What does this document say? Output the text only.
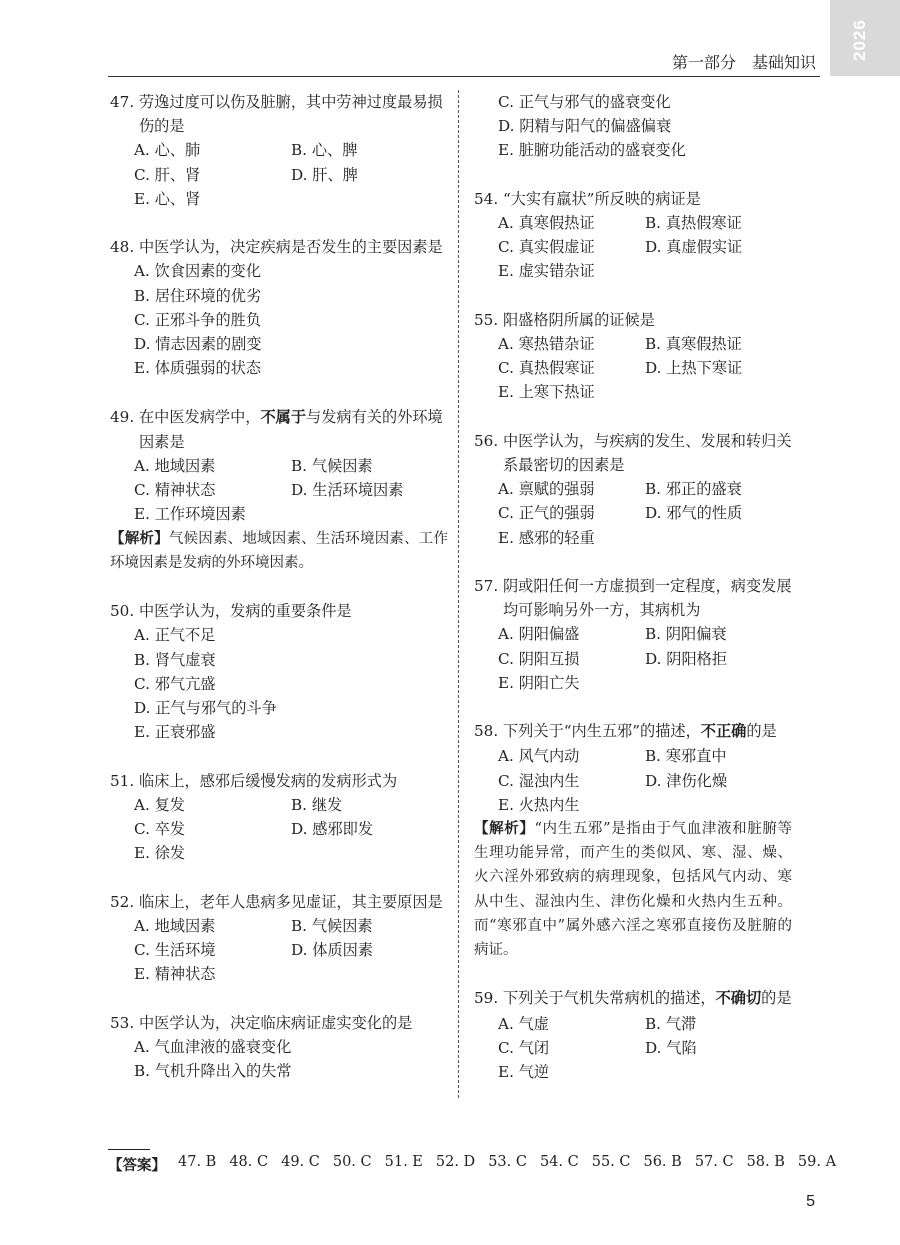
2026
第一部分　基础知识
47. 劳逸过度可以伤及脏腑，其中劳神过度最易损伤的是
A. 心、肺	B. 心、脾
C. 肝、肾	D. 肝、脾
E. 心、肾
48. 中医学认为，决定疾病是否发生的主要因素是
A. 饮食因素的变化
B. 居住环境的优劣
C. 正邪斗争的胜负
D. 情志因素的剧变
E. 体质强弱的状态
49. 在中医发病学中，不属于与发病有关的外环境因素是
A. 地域因素	B. 气候因素
C. 精神状态	D. 生活环境因素
E. 工作环境因素
【解析】气候因素、地域因素、生活环境因素、工作环境因素是发病的外环境因素。
50. 中医学认为，发病的重要条件是
A. 正气不足
B. 肾气虚衰
C. 邪气亢盛
D. 正气与邪气的斗争
E. 正衰邪盛
51. 临床上，感邪后缓慢发病的发病形式为
A. 复发	B. 继发
C. 卒发	D. 感邪即发
E. 徐发
52. 临床上，老年人患病多见虚证，其主要原因是
A. 地域因素	B. 气候因素
C. 生活环境	D. 体质因素
E. 精神状态
53. 中医学认为，决定临床病证虚实变化的是
A. 气血津液的盛衰变化
B. 气机升降出入的失常
C. 正气与邪气的盛衰变化
D. 阴精与阳气的偏盛偏衰
E. 脏腑功能活动的盛衰变化
54. “大实有羸状”所反映的病证是
A. 真寒假热证	B. 真热假寒证
C. 真实假虚证	D. 真虚假实证
E. 虚实错杂证
55. 阳盛格阴所属的证候是
A. 寒热错杂证	B. 真寒假热证
C. 真热假寒证	D. 上热下寒证
E. 上寒下热证
56. 中医学认为，与疾病的发生、发展和转归关系最密切的因素是
A. 禀赋的强弱	B. 邪正的盛衰
C. 正气的强弱	D. 邪气的性质
E. 感邪的轻重
57. 阴或阳任何一方虚损到一定程度，病变发展均可影响另外一方，其病机为
A. 阴阳偏盛	B. 阴阳偏衰
C. 阴阳互损	D. 阴阳格拒
E. 阴阳亡失
58. 下列关于“内生五邪”的描述，不正确的是
A. 风气内动	B. 寒邪直中
C. 湿浊内生	D. 津伤化燥
E. 火热内生
【解析】“内生五邪”是指由于气血津液和脏腑等生理功能异常，而产生的类似风、寒、湿、燥、火六淫外邪致病的病理现象，包括风气内动、寒从中生、湿浊内生、津伤化燥和火热内生五种。而“寒邪直中”属外感六淫之寒邪直接伤及脏腑的病证。
59. 下列关于气机失常病机的描述，不确切的是
A. 气虚	B. 气滞
C. 气闭	D. 气陷
E. 气逆
【答案】 47. B 48. C 49. C 50. C 51. E 52. D 53. C 54. C 55. C 56. B 57. C 58. B 59. A
5
